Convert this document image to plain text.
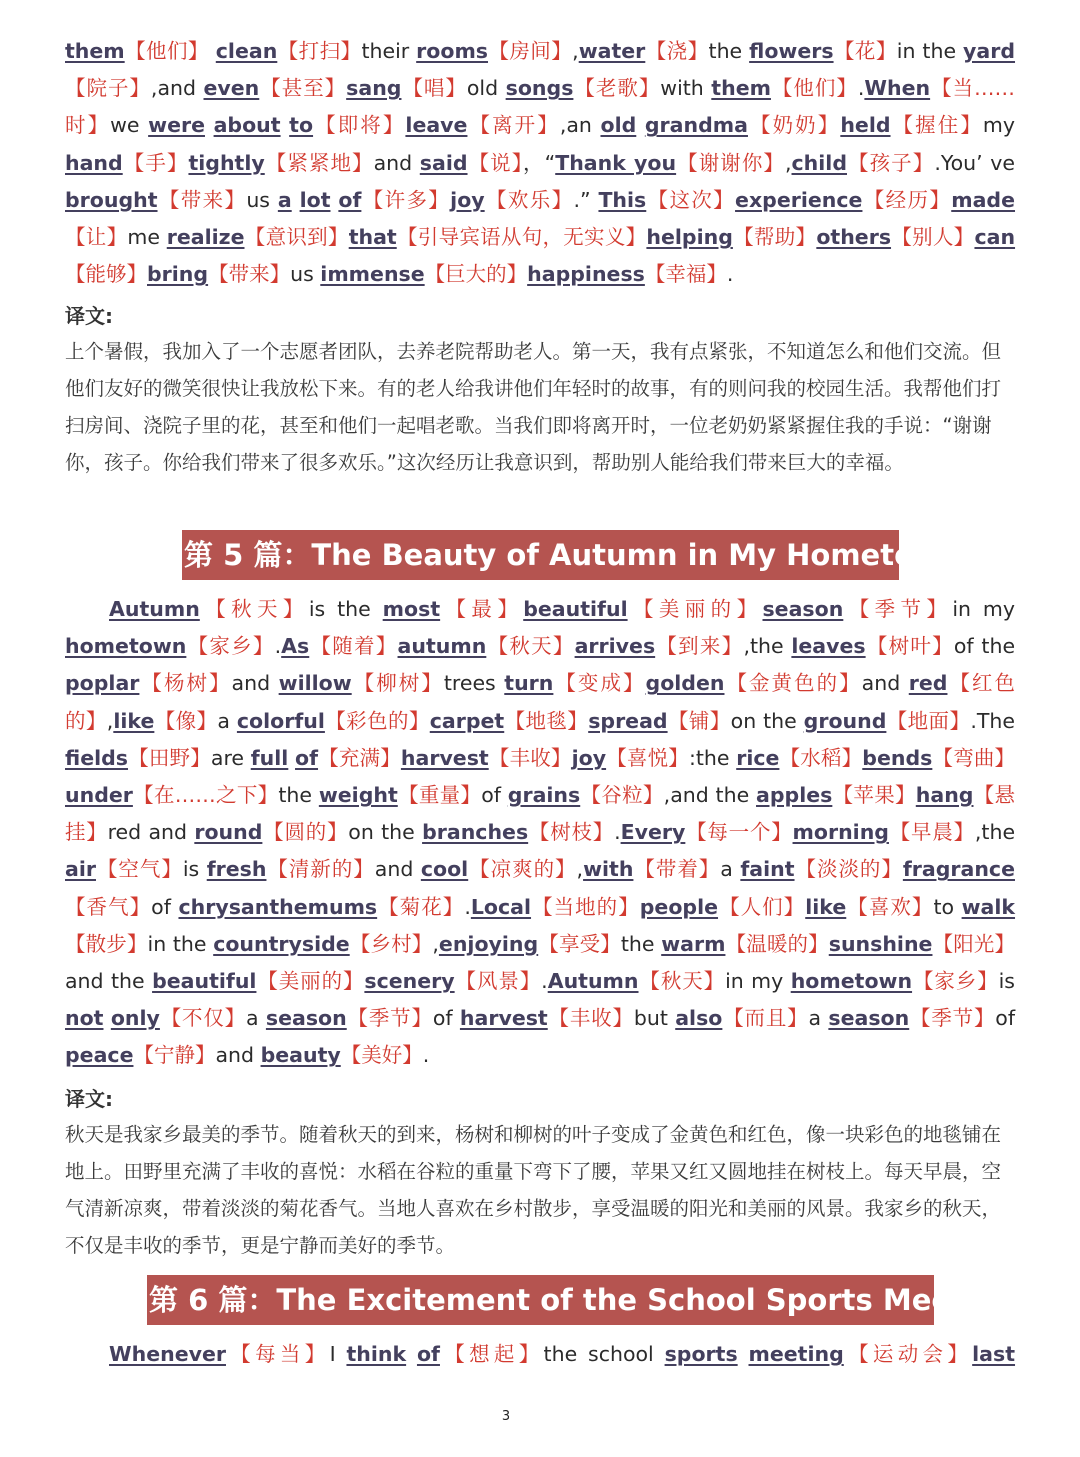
them【他们】 clean【打扫】their rooms【房间】,water【浇】the flowers【花】in the yard【院子】,and even【甚至】sang【唱】old songs【老歌】with them【他们】.When【当……时】we were about to【即将】leave【离开】,an old grandma【奶奶】held【握住】my hand【手】tightly【紧紧地】and said【说】，“Thank you【谢谢你】,child【孩子】.You’ ve brought【带来】us a lot of【许多】joy【欢乐】.” This【这次】experience【经历】made【让】me realize【意识到】that【引导宾语从句，无实义】helping【帮助】others【别人】can【能够】bring【带来】us immense【巨大的】happiness【幸福】.
译文:
上个暑假，我加入了一个志愿者团队，去养老院帮助老人。第一天，我有点紧张，不知道怎么和他们交流。但他们友好的微笑很快让我放松下来。有的老人给我讲他们年轻时的故事，有的则问我的校园生活。我帮他们打扫房间、浇院子里的花，甚至和他们一起唱老歌。当我们即将离开时，一位老奶奶紧紧握住我的手说：“谢谢你，孩子。你给我们带来了很多欢乐。”这次经历让我意识到，帮助别人能给我们带来巨大的幸福。
第 5 篇：The Beauty of Autumn in My Hometown
Autumn【秋天】is the most【最】beautiful【美丽的】season【季节】in my hometown【家乡】.As【随着】autumn【秋天】arrives【到来】,the leaves【树叶】of the poplar【杨树】and willow【柳树】trees turn【变成】golden【金黄色的】and red【红色的】,like【像】a colorful【彩色的】carpet【地毯】spread【铺】on the ground【地面】.The fields【田野】are full of【充满】harvest【丰收】joy【喜悦】:the rice【水稻】bends【弯曲】under【在……之下】the weight【重量】of grains【谷粒】,and the apples【苹果】hang【悬挂】red and round【圆的】on the branches【树枝】.Every【每一个】morning【早晨】,the air【空气】is fresh【清新的】and cool【凉爽的】,with【带着】a faint【淡淡的】fragrance【香气】of chrysanthemums【菊花】.Local【当地的】people【人们】like【喜欢】to walk【散步】in the countryside【乡村】,enjoying【享受】the warm【温暖的】sunshine【阳光】and the beautiful【美丽的】scenery【风景】.Autumn【秋天】in my hometown【家乡】is not only【不仅】a season【季节】of harvest【丰收】but also【而且】a season【季节】of peace【宁静】and beauty【美好】.
译文:
秋天是我家乡最美的季节。随着秋天的到来，杨树和柳树的叶子变成了金黄色和红色，像一块彩色的地毯铺在地上。田野里充满了丰收的喜悦：水稻在谷粒的重量下弯下了腰，苹果又红又圆地挂在树枝上。每天早晨，空气清新凉爽，带着淡淡的菊花香气。当地人喜欢在乡村散步，享受温暖的阳光和美丽的风景。我家乡的秋天，不仅是丰收的季节，更是宁静而美好的季节。
第 6 篇：The Excitement of the School Sports Meeting
Whenever【每当】I think of【想起】the school sports meeting【运动会】last
3
